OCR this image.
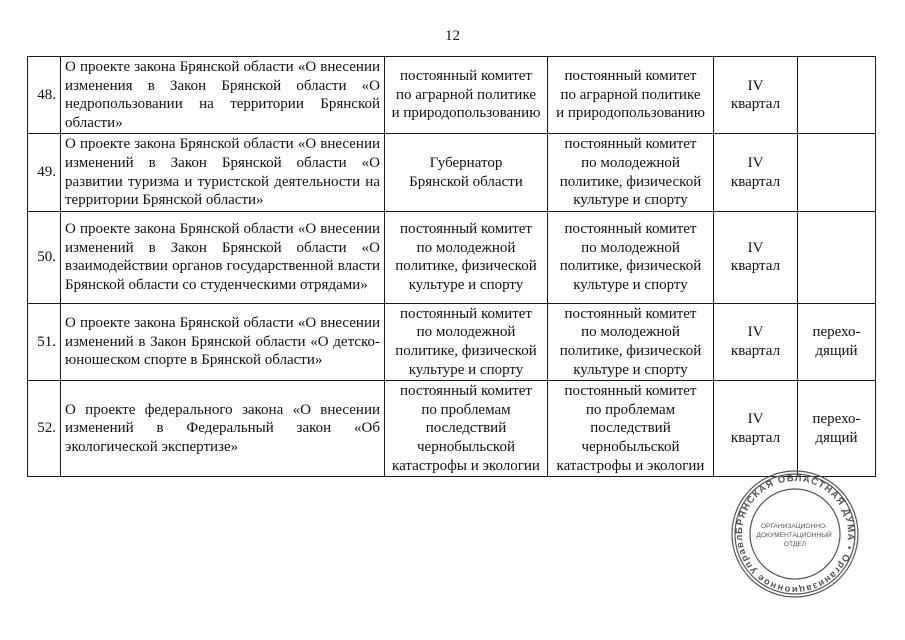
12
48.	О проекте закона Брянской области «О внесении изменения в Закон Брянской области «О недропользовании на территории Брянской области»	постоянный комитет
по аграрной политике
и природопользованию	постоянный комитет
по аграрной политике
и природопользованию	IV
квартал	
49.	О проекте закона Брянской области «О внесении изменений в Закон Брянской области «О развитии туризма и туристской деятельности на территории Брянской области»	Губернатор
Брянской области	постоянный комитет
по молодежной
политике, физической
культуре и спорту	IV
квартал	
50.	О проекте закона Брянской области «О внесении изменений в Закон Брянской области «О взаимодействии органов государственной власти Брянской области со студенческими отрядами»	постоянный комитет
по молодежной
политике, физической
культуре и спорту	постоянный комитет
по молодежной
политике, физической
культуре и спорту	IV
квартал	
51.	О проекте закона Брянской области «О внесении изменений в Закон Брянской области «О детско-юношеском спорте в Брянской области»	постоянный комитет
по молодежной
политике, физической
культуре и спорту	постоянный комитет
по молодежной
политике, физической
культуре и спорту	IV
квартал	перехо-
дящий
52.	О проекте федерального закона «О внесении изменений в Федеральный закон «Об экологической экспертизе»	постоянный комитет
по проблемам
последствий
чернобыльской
катастрофы и экологии	постоянный комитет
по проблемам
последствий
чернобыльской
катастрофы и экологии	IV
квартал	перехо-
дящий
БРЯНСКАЯ ОБЛАСТНАЯ ДУМА • Организационное управл
ОРГАНИЗАЦИОННО- ДОКУМЕНТАЦИОННЫЙ ОТДЕЛ
